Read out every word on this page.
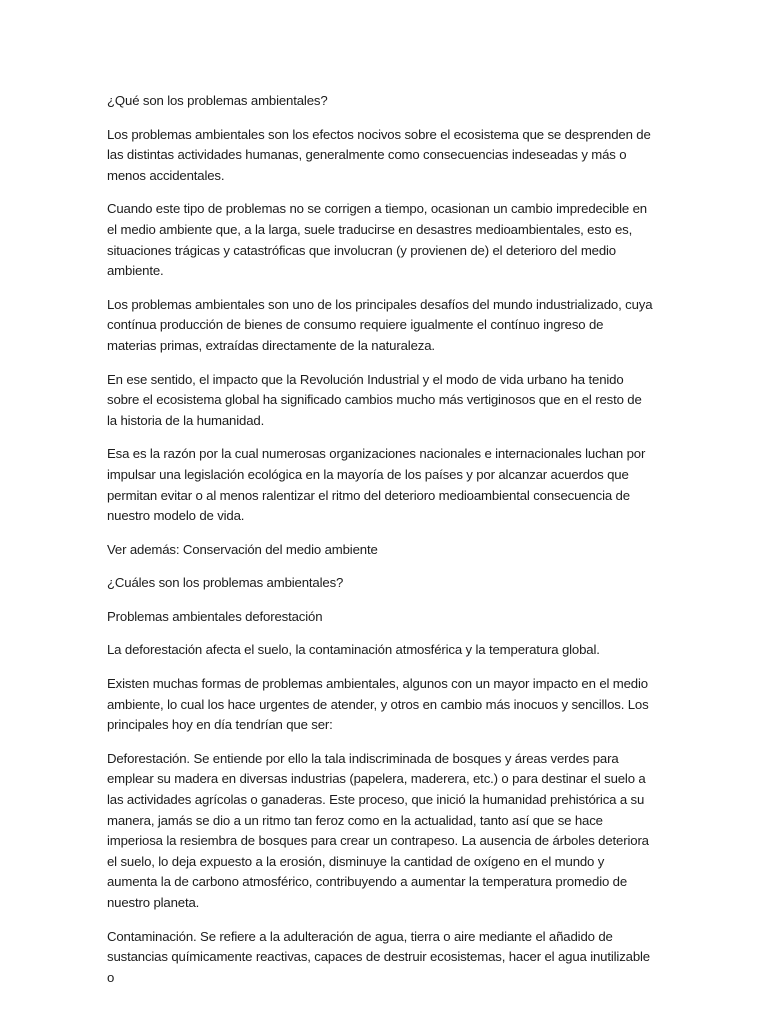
¿Qué son los problemas ambientales?

Los problemas ambientales son los efectos nocivos sobre el ecosistema que se desprenden de las distintas actividades humanas, generalmente como consecuencias indeseadas y más o menos accidentales.

Cuando este tipo de problemas no se corrigen a tiempo, ocasionan un cambio impredecible en el medio ambiente que, a la larga, suele traducirse en desastres medioambientales, esto es, situaciones trágicas y catastróficas que involucran (y provienen de) el deterioro del medio ambiente.

Los problemas ambientales son uno de los principales desafíos del mundo industrializado, cuya contínua producción de bienes de consumo requiere igualmente el contínuo ingreso de materias primas, extraídas directamente de la naturaleza.

En ese sentido, el impacto que la Revolución Industrial y el modo de vida urbano ha tenido sobre el ecosistema global ha significado cambios mucho más vertiginosos que en el resto de la historia de la humanidad.

Esa es la razón por la cual numerosas organizaciones nacionales e internacionales luchan por impulsar una legislación ecológica en la mayoría de los países y por alcanzar acuerdos que permitan evitar o al menos ralentizar el ritmo del deterioro medioambiental consecuencia de nuestro modelo de vida.

Ver además: Conservación del medio ambiente

¿Cuáles son los problemas ambientales?

Problemas ambientales deforestación

La deforestación afecta el suelo, la contaminación atmosférica y la temperatura global.

Existen muchas formas de problemas ambientales, algunos con un mayor impacto en el medio ambiente, lo cual los hace urgentes de atender, y otros en cambio más inocuos y sencillos. Los principales hoy en día tendrían que ser:

Deforestación. Se entiende por ello la tala indiscriminada de bosques y áreas verdes para emplear su madera en diversas industrias (papelera, maderera, etc.) o para destinar el suelo a las actividades agrícolas o ganaderas. Este proceso, que inició la humanidad prehistórica a su manera, jamás se dio a un ritmo tan feroz como en la actualidad, tanto así que se hace imperiosa la resiembra de bosques para crear un contrapeso. La ausencia de árboles deteriora el suelo, lo deja expuesto a la erosión, disminuye la cantidad de oxígeno en el mundo y aumenta la de carbono atmosférico, contribuyendo a aumentar la temperatura promedio de nuestro planeta.

Contaminación. Se refiere a la adulteración de agua, tierra o aire mediante el añadido de sustancias químicamente reactivas, capaces de destruir ecosistemas, hacer el agua inutilizable o
